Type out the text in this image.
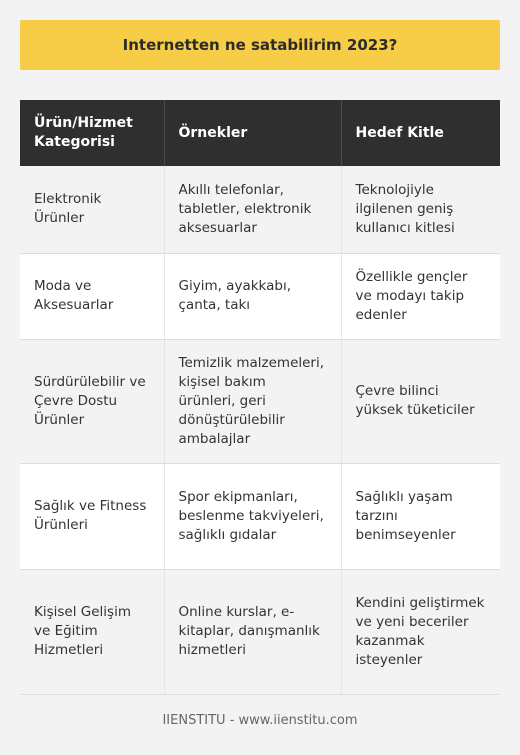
Internetten ne satabilirim 2023?
Ürün/Hizmet Kategorisi	Örnekler	Hedef Kitle
Elektronik Ürünler	Akıllı telefonlar, tabletler, elektronik aksesuarlar	Teknolojiyle ilgilenen geniş kullanıcı kitlesi
Moda ve Aksesuarlar	Giyim, ayakkabı, çanta, takı	Özellikle gençler ve modayı takip edenler
Sürdürülebilir ve Çevre Dostu Ürünler	Temizlik malzemeleri, kişisel bakım ürünleri, geri dönüştürülebilir ambalajlar	Çevre bilinci yüksek tüketiciler
Sağlık ve Fitness Ürünleri	Spor ekipmanları, beslenme takviyeleri, sağlıklı gıdalar	Sağlıklı yaşam tarzını benimseyenler
Kişisel Gelişim ve Eğitim Hizmetleri	Online kurslar, e-kitaplar, danışmanlık hizmetleri	Kendini geliştirmek ve yeni beceriler kazanmak isteyenler
IIENSTITU - www.iienstitu.com
